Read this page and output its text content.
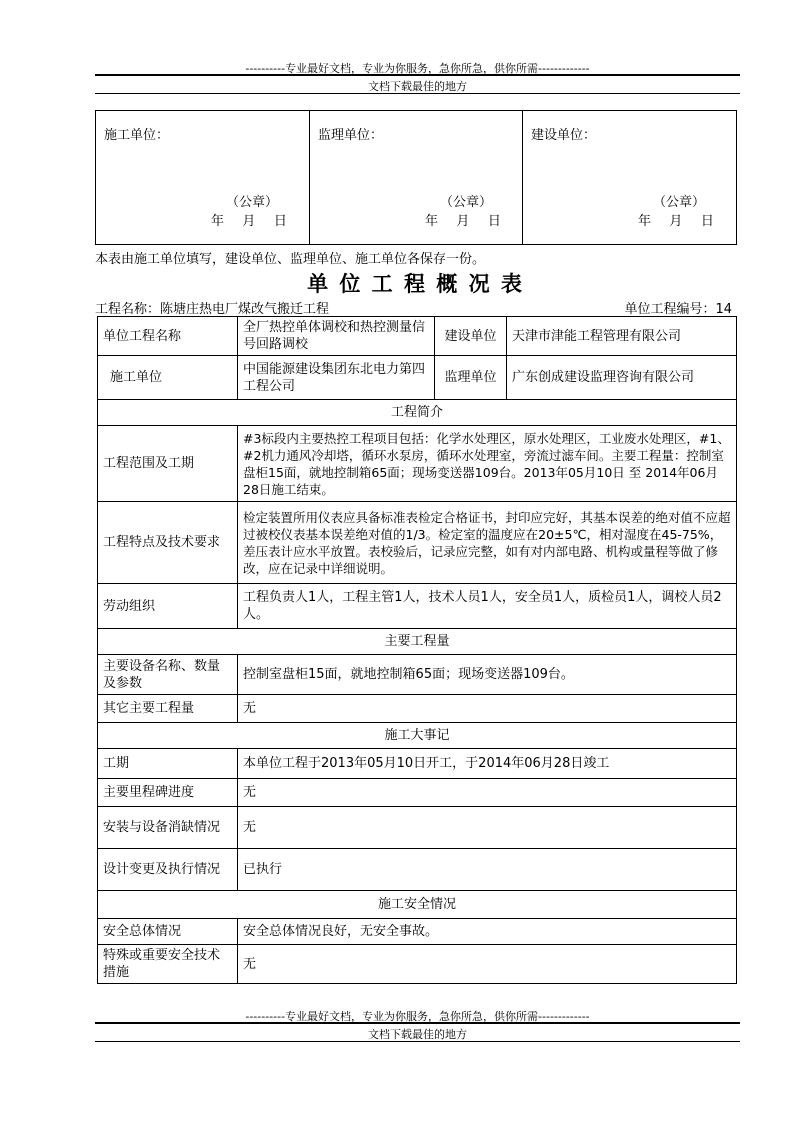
----------专业最好文档，专业为你服务，急你所急，供你所需-------------
文档下载最佳的地方
施工单位：
（公章）
年 月 日

监理单位：
（公章）
年 月 日

建设单位：
（公章）
年 月 日
本表由施工单位填写，建设单位、监理单位、施工单位各保存一份。
单 位 工 程 概 况 表
工程名称：陈塘庄热电厂煤改气搬迁工程	单位工程编号：14
单位工程名称	全厂热控单体调校和热控测量信号回路调校	建设单位	天津市津能工程管理有限公司
施工单位	中国能源建设集团东北电力第四工程公司	监理单位	广东创成建设监理咨询有限公司
工程简介			
工程范围及工期	#3标段内主要热控工程项目包括：化学水处理区，原水处理区，工业废水处理区，#1、#2机力通风冷却塔，循环水泵房，循环水处理室，旁流过滤车间。主要工程量：控制室盘柜15面，就地控制箱65面；现场变送器109台。2013年05月10日 至 2014年06月28日施工结束。		
工程特点及技术要求	检定装置所用仪表应具备标准表检定合格证书，封印应完好，其基本误差的绝对值不应超过被校仪表基本误差绝对值的1/3。检定室的温度应在20±5℃，相对湿度在45-75%，差压表计应水平放置。表校验后，记录应完整，如有对内部电路、机构或量程等做了修改，应在记录中详细说明。		
劳动组织	工程负责人1人，工程主管1人，技术人员1人，安全员1人，质检员1人，调校人员2人。		
主要工程量			
主要设备名称、数量及参数	控制室盘柜15面，就地控制箱65面；现场变送器109台。		
其它主要工程量	无		
施工大事记			
工期	本单位工程于2013年05月10日开工，于2014年06月28日竣工		
主要里程碑进度	无		
安装与设备消缺情况	无		
设计变更及执行情况	已执行		
施工安全情况			
安全总体情况	安全总体情况良好，无安全事故。		
特殊或重要安全技术措施	无		
----------专业最好文档，专业为你服务，急你所急，供你所需-------------
文档下载最佳的地方
